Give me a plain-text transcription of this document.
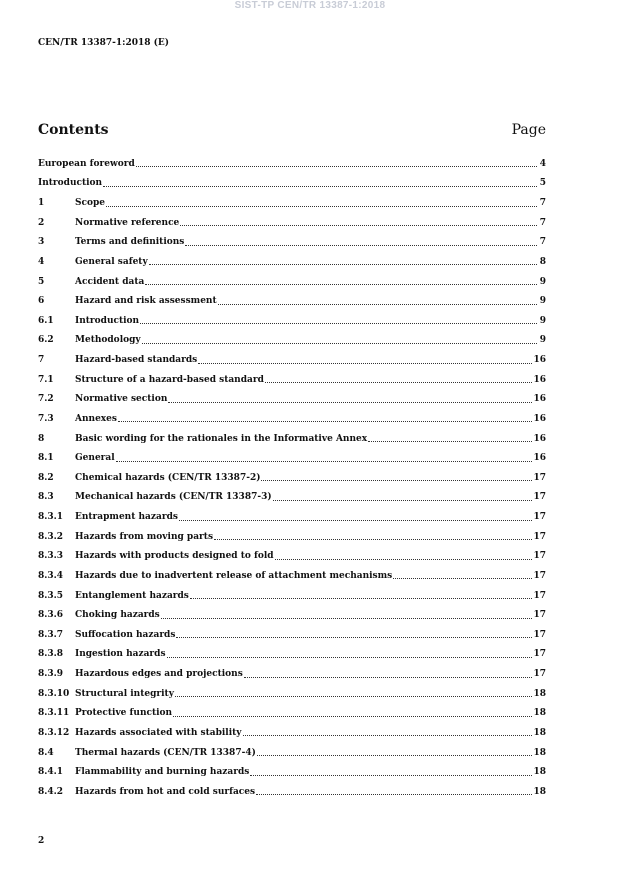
SIST-TP CEN/TR 13387-1:2018
CEN/TR 13387-1:2018 (E)
Contents	Page
European foreword	4
Introduction	5
1	Scope	7
2	Normative reference	7
3	Terms and definitions	7
4	General safety	8
5	Accident data	9
6	Hazard and risk assessment	9
6.1	Introduction	9
6.2	Methodology	9
7	Hazard-based standards	16
7.1	Structure of a hazard-based standard	16
7.2	Normative section	16
7.3	Annexes	16
8	Basic wording for the rationales in the Informative Annex	16
8.1	General	16
8.2	Chemical hazards (CEN/TR 13387-2)	17
8.3	Mechanical hazards (CEN/TR 13387-3)	17
8.3.1	Entrapment hazards	17
8.3.2	Hazards from moving parts	17
8.3.3	Hazards with products designed to fold	17
8.3.4	Hazards due to inadvertent release of attachment mechanisms	17
8.3.5	Entanglement hazards	17
8.3.6	Choking hazards	17
8.3.7	Suffocation hazards	17
8.3.8	Ingestion hazards	17
8.3.9	Hazardous edges and projections	17
8.3.10 Structural integrity	18
8.3.11 Protective function	18
8.3.12 Hazards associated with stability	18
8.4	Thermal hazards (CEN/TR 13387-4)	18
8.4.1	Flammability and burning hazards	18
8.4.2	Hazards from hot and cold surfaces	18
2
